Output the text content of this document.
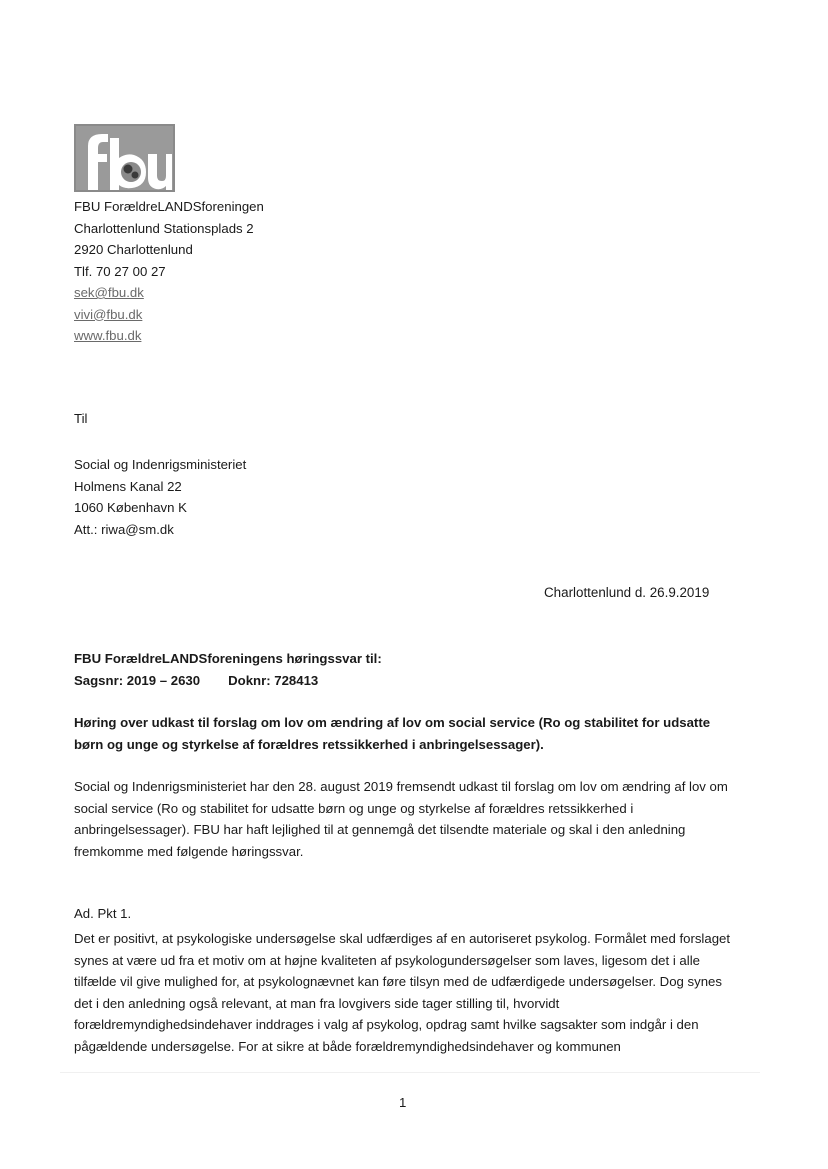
FBU ForældreLANDSforeningen
Charlottenlund Stationsplads 2
2920 Charlottenlund
Tlf. 70 27 00 27
sek@fbu.dk
vivi@fbu.dk
www.fbu.dk
Til
Social og Indenrigsministeriet
Holmens Kanal 22
1060 København K
Att.: riwa@sm.dk
Charlottenlund d. 26.9.2019
FBU ForældreLANDSforeningens høringssvar til:
Sagsnr: 2019 – 2630 Doknr: 728413
Høring over udkast til forslag om lov om ændring af lov om social service (Ro og stabilitet for udsatte børn og unge og styrkelse af forældres retssikkerhed i anbringelsessager).
Social og Indenrigsministeriet har den 28. august 2019 fremsendt udkast til forslag om lov om ændring af lov om social service (Ro og stabilitet for udsatte børn og unge og styrkelse af forældres retssikkerhed i anbringelsessager). FBU har haft lejlighed til at gennemgå det tilsendte materiale og skal i den anledning fremkomme med følgende høringssvar.
Ad. Pkt 1.
Det er positivt, at psykologiske undersøgelse skal udfærdiges af en autoriseret psykolog. Formålet med forslaget synes at være ud fra et motiv om at højne kvaliteten af psykologundersøgelser som laves, ligesom det i alle tilfælde vil give mulighed for, at psykolognævnet kan føre tilsyn med de udfærdigede undersøgelser. Dog synes det i den anledning også relevant, at man fra lovgivers side tager stilling til, hvorvidt forældremyndighedsindehaver inddrages i valg af psykolog, opdrag samt hvilke sagsakter som indgår i den pågældende undersøgelse. For at sikre at både forældremyndighedsindehaver og kommunen
1
